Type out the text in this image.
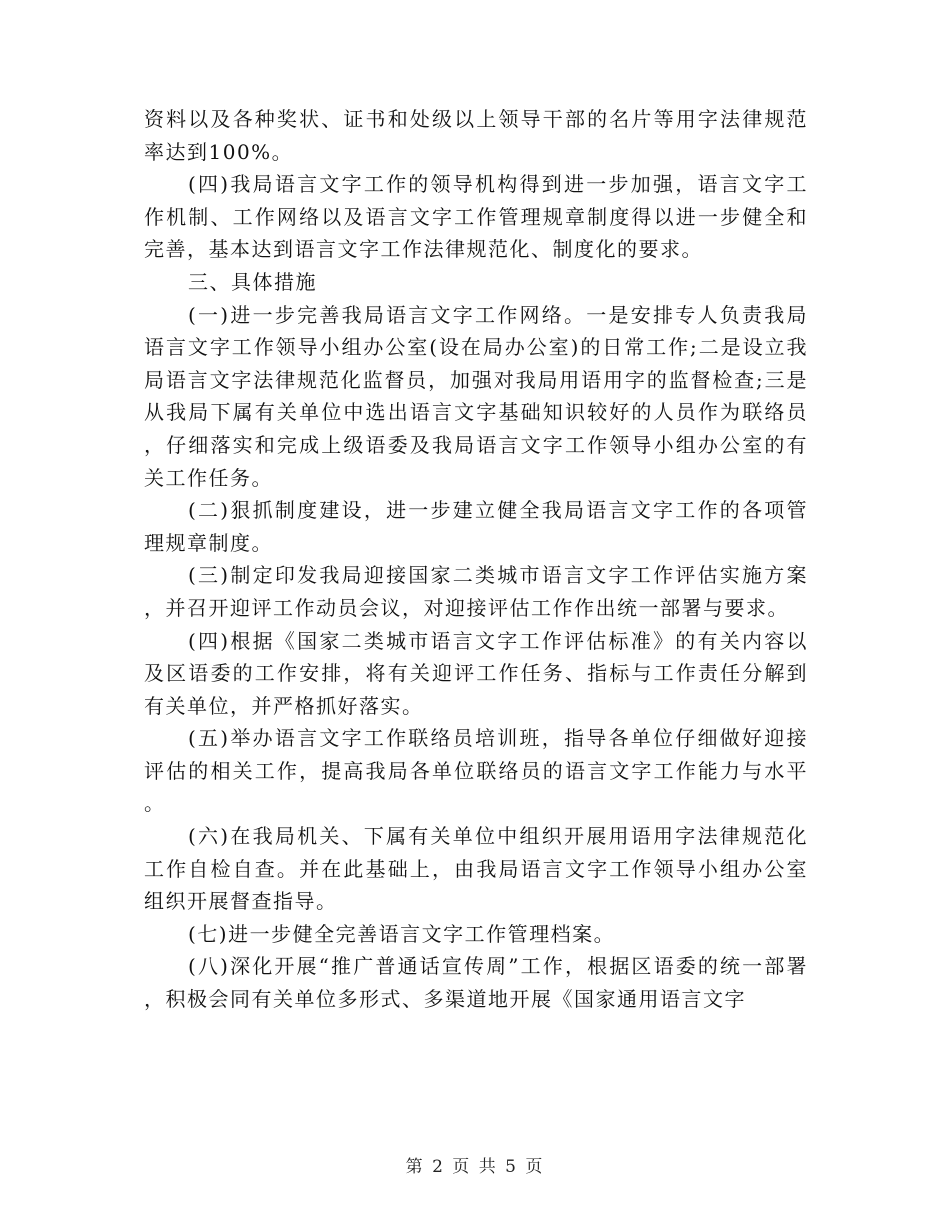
资料以及各种奖状、证书和处级以上领导干部的名片等用字法律规范率达到100%。

(四)我局语言文字工作的领导机构得到进一步加强，语言文字工作机制、工作网络以及语言文字工作管理规章制度得以进一步健全和完善，基本达到语言文字工作法律规范化、制度化的要求。

三、具体措施

(一)进一步完善我局语言文字工作网络。一是安排专人负责我局语言文字工作领导小组办公室(设在局办公室)的日常工作;二是设立我局语言文字法律规范化监督员，加强对我局用语用字的监督检查;三是从我局下属有关单位中选出语言文字基础知识较好的人员作为联络员，仔细落实和完成上级语委及我局语言文字工作领导小组办公室的有关工作任务。

(二)狠抓制度建设，进一步建立健全我局语言文字工作的各项管理规章制度。

(三)制定印发我局迎接国家二类城市语言文字工作评估实施方案，并召开迎评工作动员会议，对迎接评估工作作出统一部署与要求。

(四)根据《国家二类城市语言文字工作评估标准》的有关内容以及区语委的工作安排，将有关迎评工作任务、指标与工作责任分解到有关单位，并严格抓好落实。

(五)举办语言文字工作联络员培训班，指导各单位仔细做好迎接评估的相关工作，提高我局各单位联络员的语言文字工作能力与水平。

(六)在我局机关、下属有关单位中组织开展用语用字法律规范化工作自检自查。并在此基础上，由我局语言文字工作领导小组办公室组织开展督查指导。

(七)进一步健全完善语言文字工作管理档案。

(八)深化开展“推广普通话宣传周”工作，根据区语委的统一部署，积极会同有关单位多形式、多渠道地开展《国家通用语言文字

第 2 页 共 5 页
